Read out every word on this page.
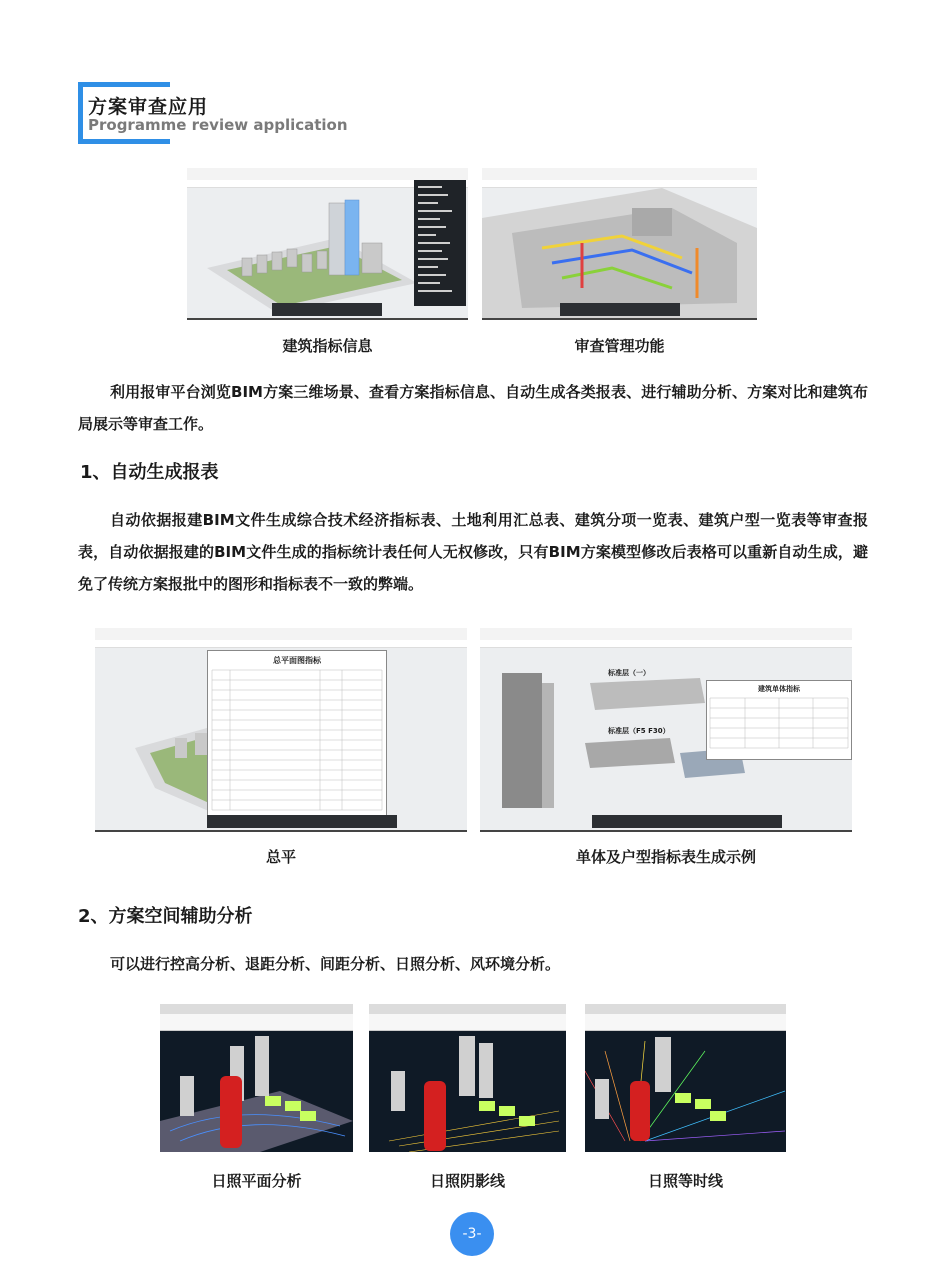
方案审查应用
Programme review application
建筑指标信息	审查管理功能
利用报审平台浏览BIM方案三维场景、查看方案指标信息、自动生成各类报表、进行辅助分析、方案对比和建筑布局展示等审查工作。
1、自动生成报表
自动依据报建BIM文件生成综合技术经济指标表、土地利用汇总表、建筑分项一览表、建筑户型一览表等审查报表，自动依据报建的BIM文件生成的指标统计表任何人无权修改，只有BIM方案模型修改后表格可以重新自动生成，避免了传统方案报批中的图形和指标表不一致的弊端。
总平面图指标
总平
标准层（一）
标准层（F5 F30）
建筑单体指标
单体及户型指标表生成示例
2、方案空间辅助分析
可以进行控高分析、退距分析、间距分析、日照分析、风环境分析。
日照平面分析	日照阴影线	日照等时线
-3-
